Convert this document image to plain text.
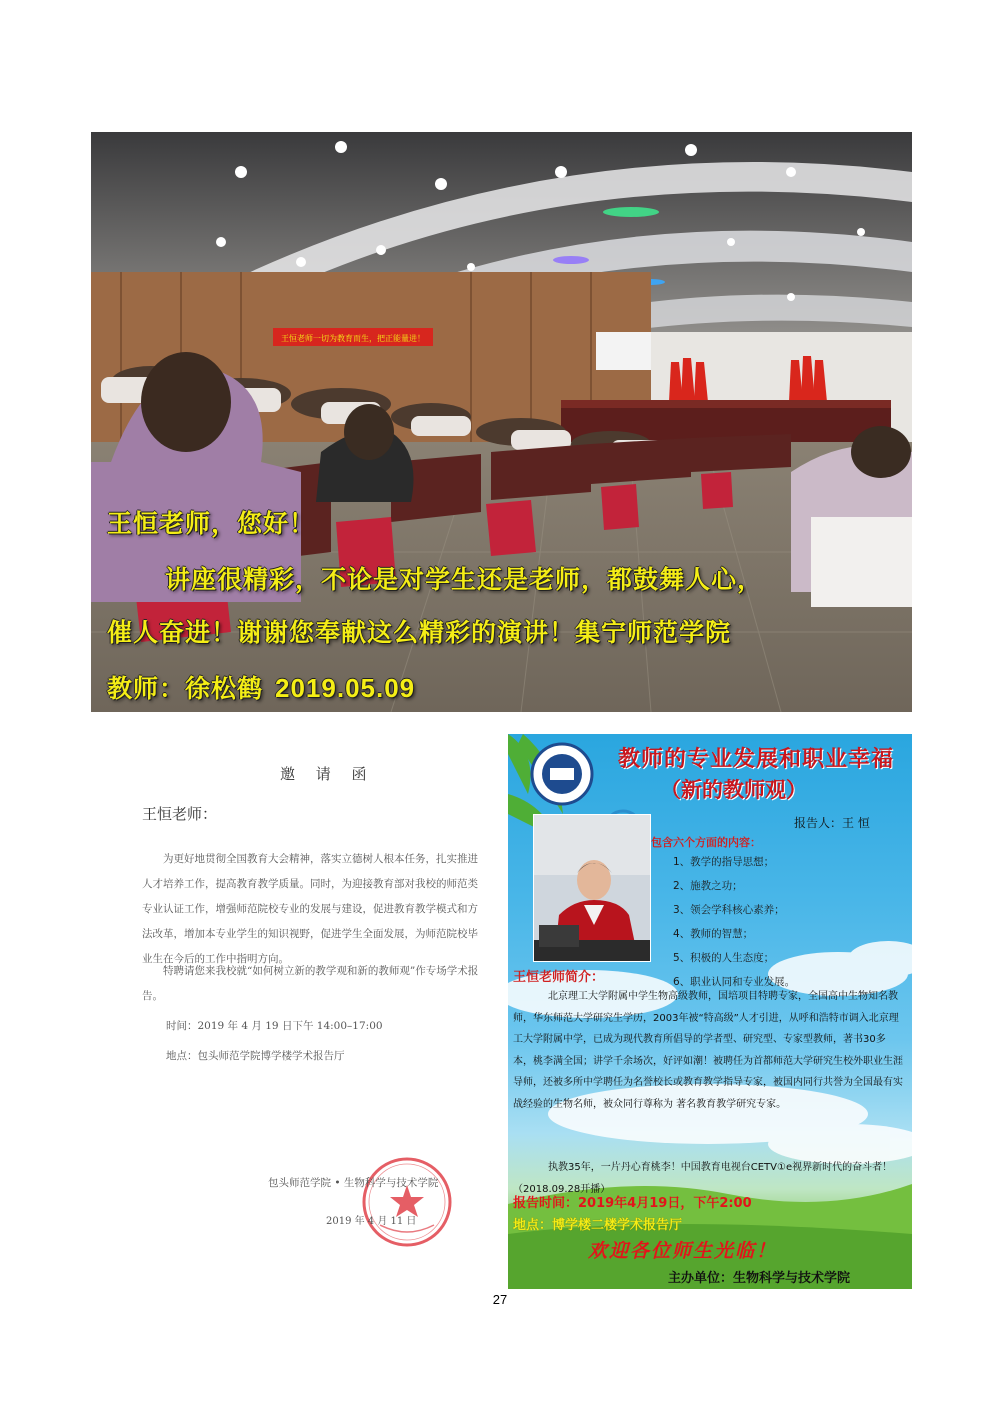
王恒老师一切为教育而生，把正能量进！
王恒老师，您好！
讲座很精彩，不论是对学生还是老师，都鼓舞人心，
催人奋进！谢谢您奉献这么精彩的演讲！集宁师范学院
教师：徐松鹤 2019.05.09
邀 请 函
王恒老师：
为更好地贯彻全国教育大会精神，落实立德树人根本任务，扎实推进人才培养工作，提高教育教学质量。同时，为迎接教育部对我校的师范类专业认证工作，增强师范院校专业的发展与建设，促进教育教学模式和方法改革，增加本专业学生的知识视野，促进学生全面发展，为师范院校毕业生在今后的工作中指明方向。
特聘请您来我校就“如何树立新的教学观和新的教师观”作专场学术报告。
时间：2019 年 4 月 19 日下午 14:00–17:00
地点：包头师范学院博学楼学术报告厅
包头师范学院 • 生物科学与技术学院
2019 年 4 月 11 日
教师的专业发展和职业幸福
（新的教师观）
报告人：王 恒
包含六个方面的内容：
1、教学的指导思想；
2、施教之功；
3、领会学科核心素养；
4、教师的智慧；
5、积极的人生态度；
6、职业认同和专业发展。
王恒老师简介：
北京理工大学附属中学生物高级教师，国培项目特聘专家，全国高中生物知名教师，华东师范大学研究生学历，2003年被“特高级”人才引进，从呼和浩特市调入北京理工大学附属中学，已成为现代教育所倡导的学者型、研究型、专家型教师，著书30多本，桃李满全国；讲学千余场次，好评如潮！被聘任为首都师范大学研究生校外职业生涯导师，还被多所中学聘任为名誉校长或教育教学指导专家，被国内同行共誉为全国最有实战经验的生物名师，被众同行尊称为 著名教育教学研究专家。
执教35年，一片丹心育桃李！中国教育电视台CETV①e视界新时代的奋斗者！（2018.09.28开播）
报告时间：2019年4月19日，下午2:00
地点：博学楼二楼学术报告厅
欢迎各位师生光临！
主办单位：生物科学与技术学院
27
